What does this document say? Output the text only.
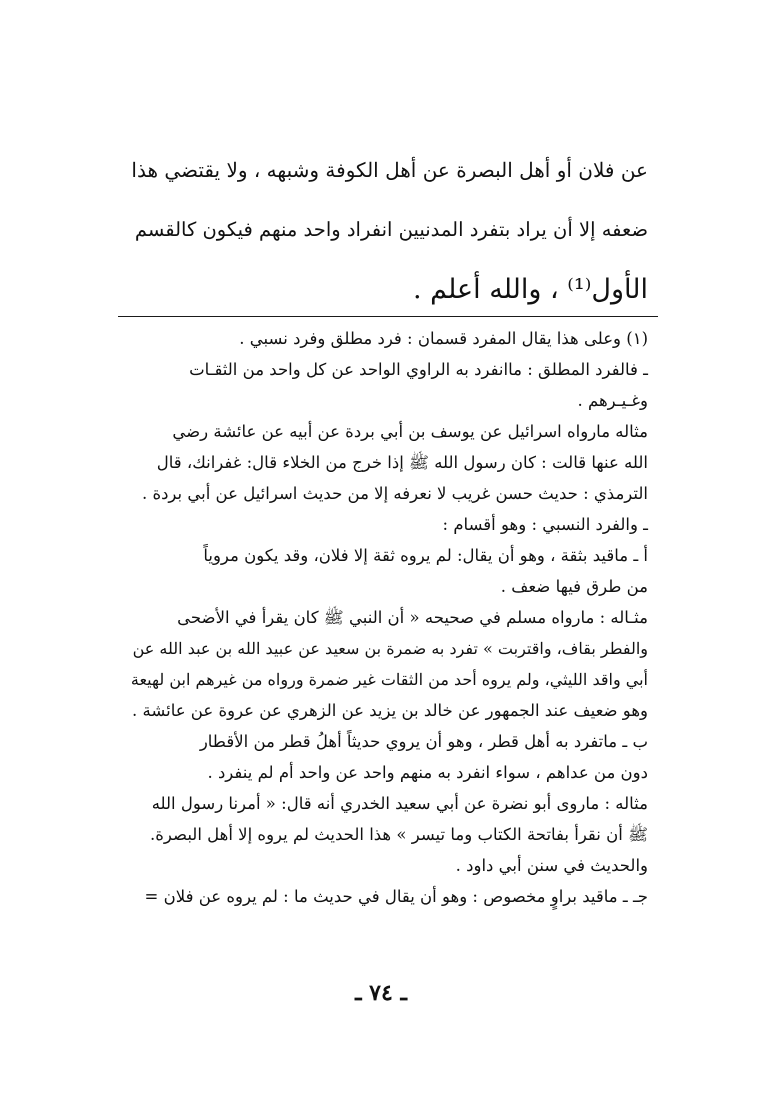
عن فلان أو أهل البصرة عن أهل الكوفة وشبهه ، ولا يقتضي هذا
ضعفه إلا أن يراد بتفرد المدنيين انفراد واحد منهم فيكون كالقسم
الأول⁽¹⁾ ، والله أعلم .
(١) وعلى هذا يقال المفرد قسمان : فرد مطلق وفرد نسبي .
ـ فالفرد المطلق : ماانفرد به الراوي الواحد عن كل واحد من الثقـات
وغـيـرهم .
مثاله مارواه اسرائيل عن يوسف بن أبي بردة عن أبيه عن عائشة رضي
الله عنها قالت : كان رسول الله ﷺ إذا خرج من الخلاء قال: غفرانك، قال
الترمذي : حديث حسن غريب لا نعرفه إلا من حديث اسرائيل عن أبي بردة .
ـ والفرد النسبي : وهو أقسام :
أ ـ ماقيد بثقة ، وهو أن يقال: لم يروه ثقة إلا فلان، وقد يكون مروياً
من طرق فيها ضعف .
مثـاله : مارواه مسلم في صحيحه « أن النبي ﷺ كان يقرأ في الأضحى
والفطر بقاف، واقتربت » تفرد به ضمرة بن سعيد عن عبيد الله بن عبد الله عن
أبي واقد الليثي، ولم يروه أحد من الثقات غير ضمرة ورواه من غيرهم ابن لهيعة
وهو ضعيف عند الجمهور عن خالد بن يزيد عن الزهري عن عروة عن عائشة .
ب ـ ماتفرد به أهل قطر ، وهو أن يروي حديثاً أهلُ قطر من الأقطار
دون من عداهم ، سواء انفرد به منهم واحد عن واحد أم لم ينفرد .
مثاله : ماروى أبو نضرة عن أبي سعيد الخدري أنه قال: « أمرنا رسول الله
ﷺ أن نقرأ بفاتحة الكتاب وما تيسر » هذا الحديث لم يروه إلا أهل البصرة.
والحديث في سنن أبي داود .
جـ ـ ماقيد براوٍ مخصوص : وهو أن يقال في حديث ما : لم يروه عن فلان =
ـ ٧٤ ـ
